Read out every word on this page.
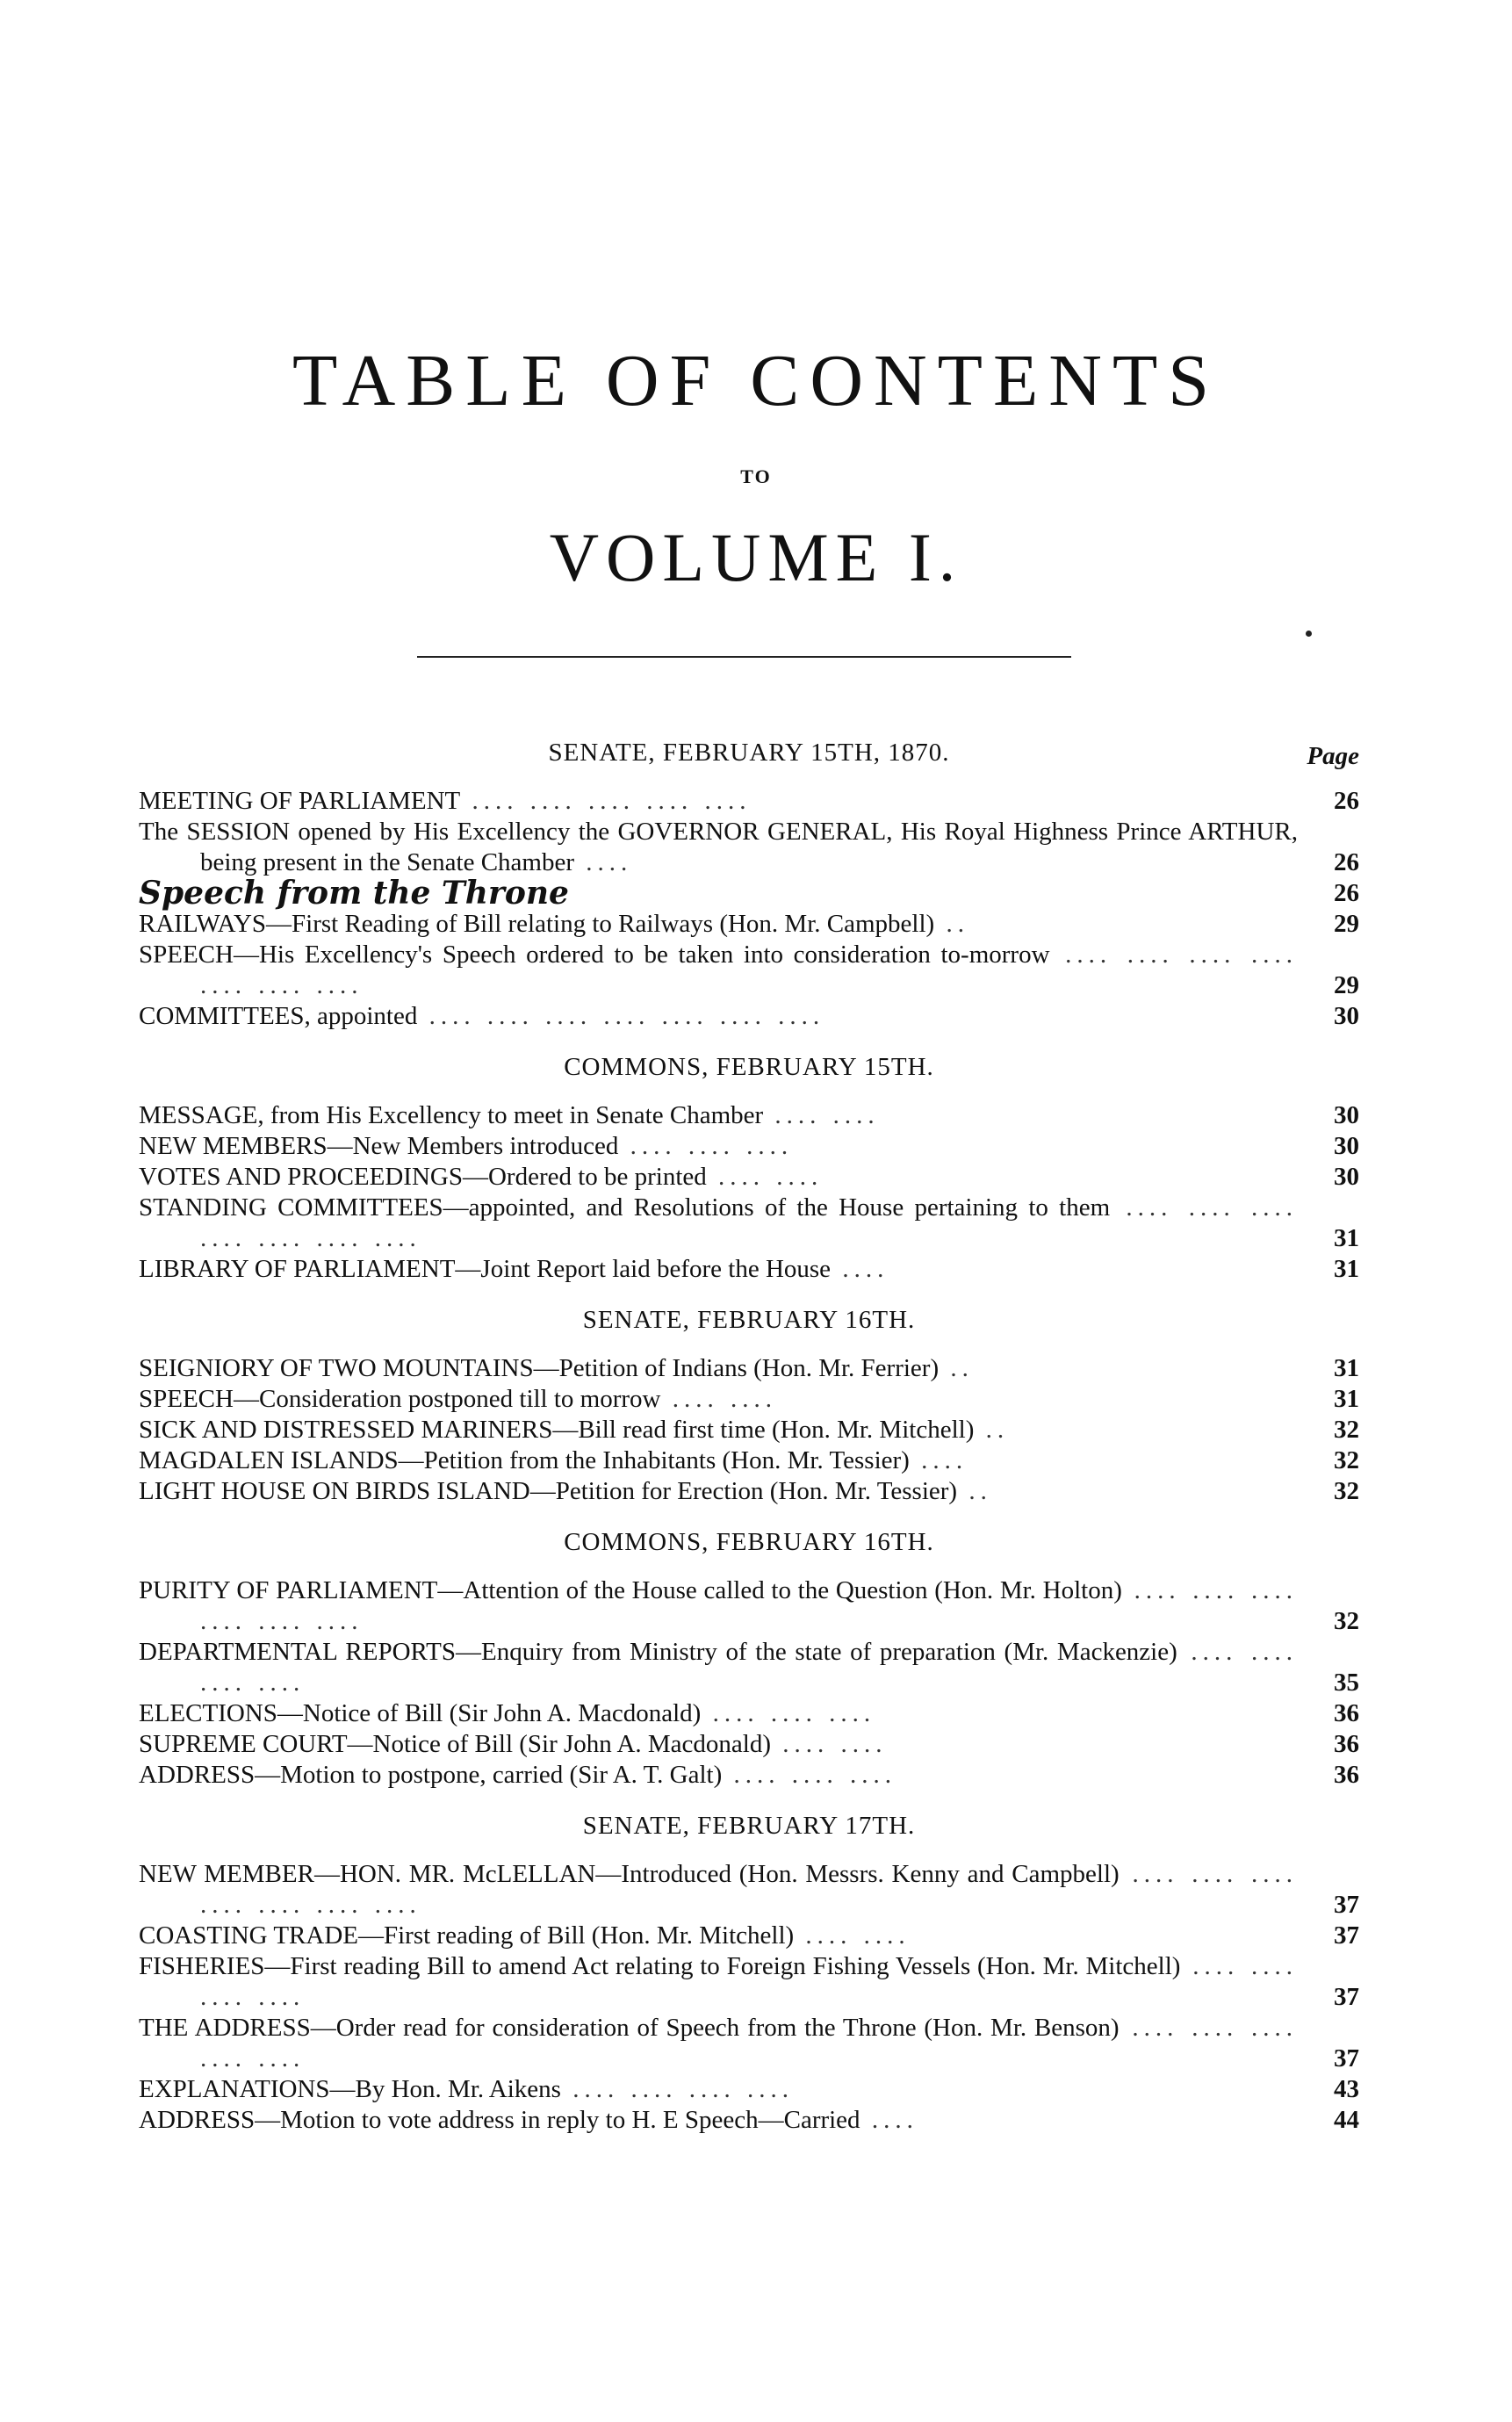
TABLE OF CONTENTS
TO
VOLUME I.
SENATE, FEBRUARY 15TH, 1870.	Page
MEETING OF PARLIAMENT .... .... .... .... ....	26
The SESSION opened by His Excellency the GOVERNOR GENERAL, His Royal Highness Prince ARTHUR, being present in the Senate Chamber ....	26
Speech from the Throne	26
RAILWAYS—First Reading of Bill relating to Railways (Hon. Mr. Campbell) ..	29
SPEECH—His Excellency's Speech ordered to be taken into consideration to-morrow .... .... .... .... .... .... ....	29
COMMITTEES, appointed .... .... .... .... .... .... ....	30
COMMONS, FEBRUARY 15TH.
MESSAGE, from His Excellency to meet in Senate Chamber .... ....	30
NEW MEMBERS—New Members introduced .... .... ....	30
VOTES AND PROCEEDINGS—Ordered to be printed .... ....	30
STANDING COMMITTEES—appointed, and Resolutions of the House pertaining to them .... .... .... .... .... .... ....	31
LIBRARY OF PARLIAMENT—Joint Report laid before the House ....	31
SENATE, FEBRUARY 16TH.
SEIGNIORY OF TWO MOUNTAINS—Petition of Indians (Hon. Mr. Ferrier) ..	31
SPEECH—Consideration postponed till to morrow .... ....	31
SICK AND DISTRESSED MARINERS—Bill read first time (Hon. Mr. Mitchell) ..	32
MAGDALEN ISLANDS—Petition from the Inhabitants (Hon. Mr. Tessier) ....	32
LIGHT HOUSE ON BIRDS ISLAND—Petition for Erection (Hon. Mr. Tessier) ..	32
COMMONS, FEBRUARY 16TH.
PURITY OF PARLIAMENT—Attention of the House called to the Question (Hon. Mr. Holton) .... .... .... .... .... ....	32
DEPARTMENTAL REPORTS—Enquiry from Ministry of the state of preparation (Mr. Mackenzie) .... .... .... ....	35
ELECTIONS—Notice of Bill (Sir John A. Macdonald) .... .... ....	36
SUPREME COURT—Notice of Bill (Sir John A. Macdonald) .... ....	36
ADDRESS—Motion to postpone, carried (Sir A. T. Galt) .... .... ....	36
SENATE, FEBRUARY 17TH.
NEW MEMBER—HON. MR. McLELLAN—Introduced (Hon. Messrs. Kenny and Campbell) .... .... .... .... .... .... ....	37
COASTING TRADE—First reading of Bill (Hon. Mr. Mitchell) .... ....	37
FISHERIES—First reading Bill to amend Act relating to Foreign Fishing Vessels (Hon. Mr. Mitchell) .... .... .... ....	37
THE ADDRESS—Order read for consideration of Speech from the Throne (Hon. Mr. Benson) .... .... .... .... ....	37
EXPLANATIONS—By Hon. Mr. Aikens .... .... .... ....	43
ADDRESS—Motion to vote address in reply to H. E Speech—Carried ....	44
